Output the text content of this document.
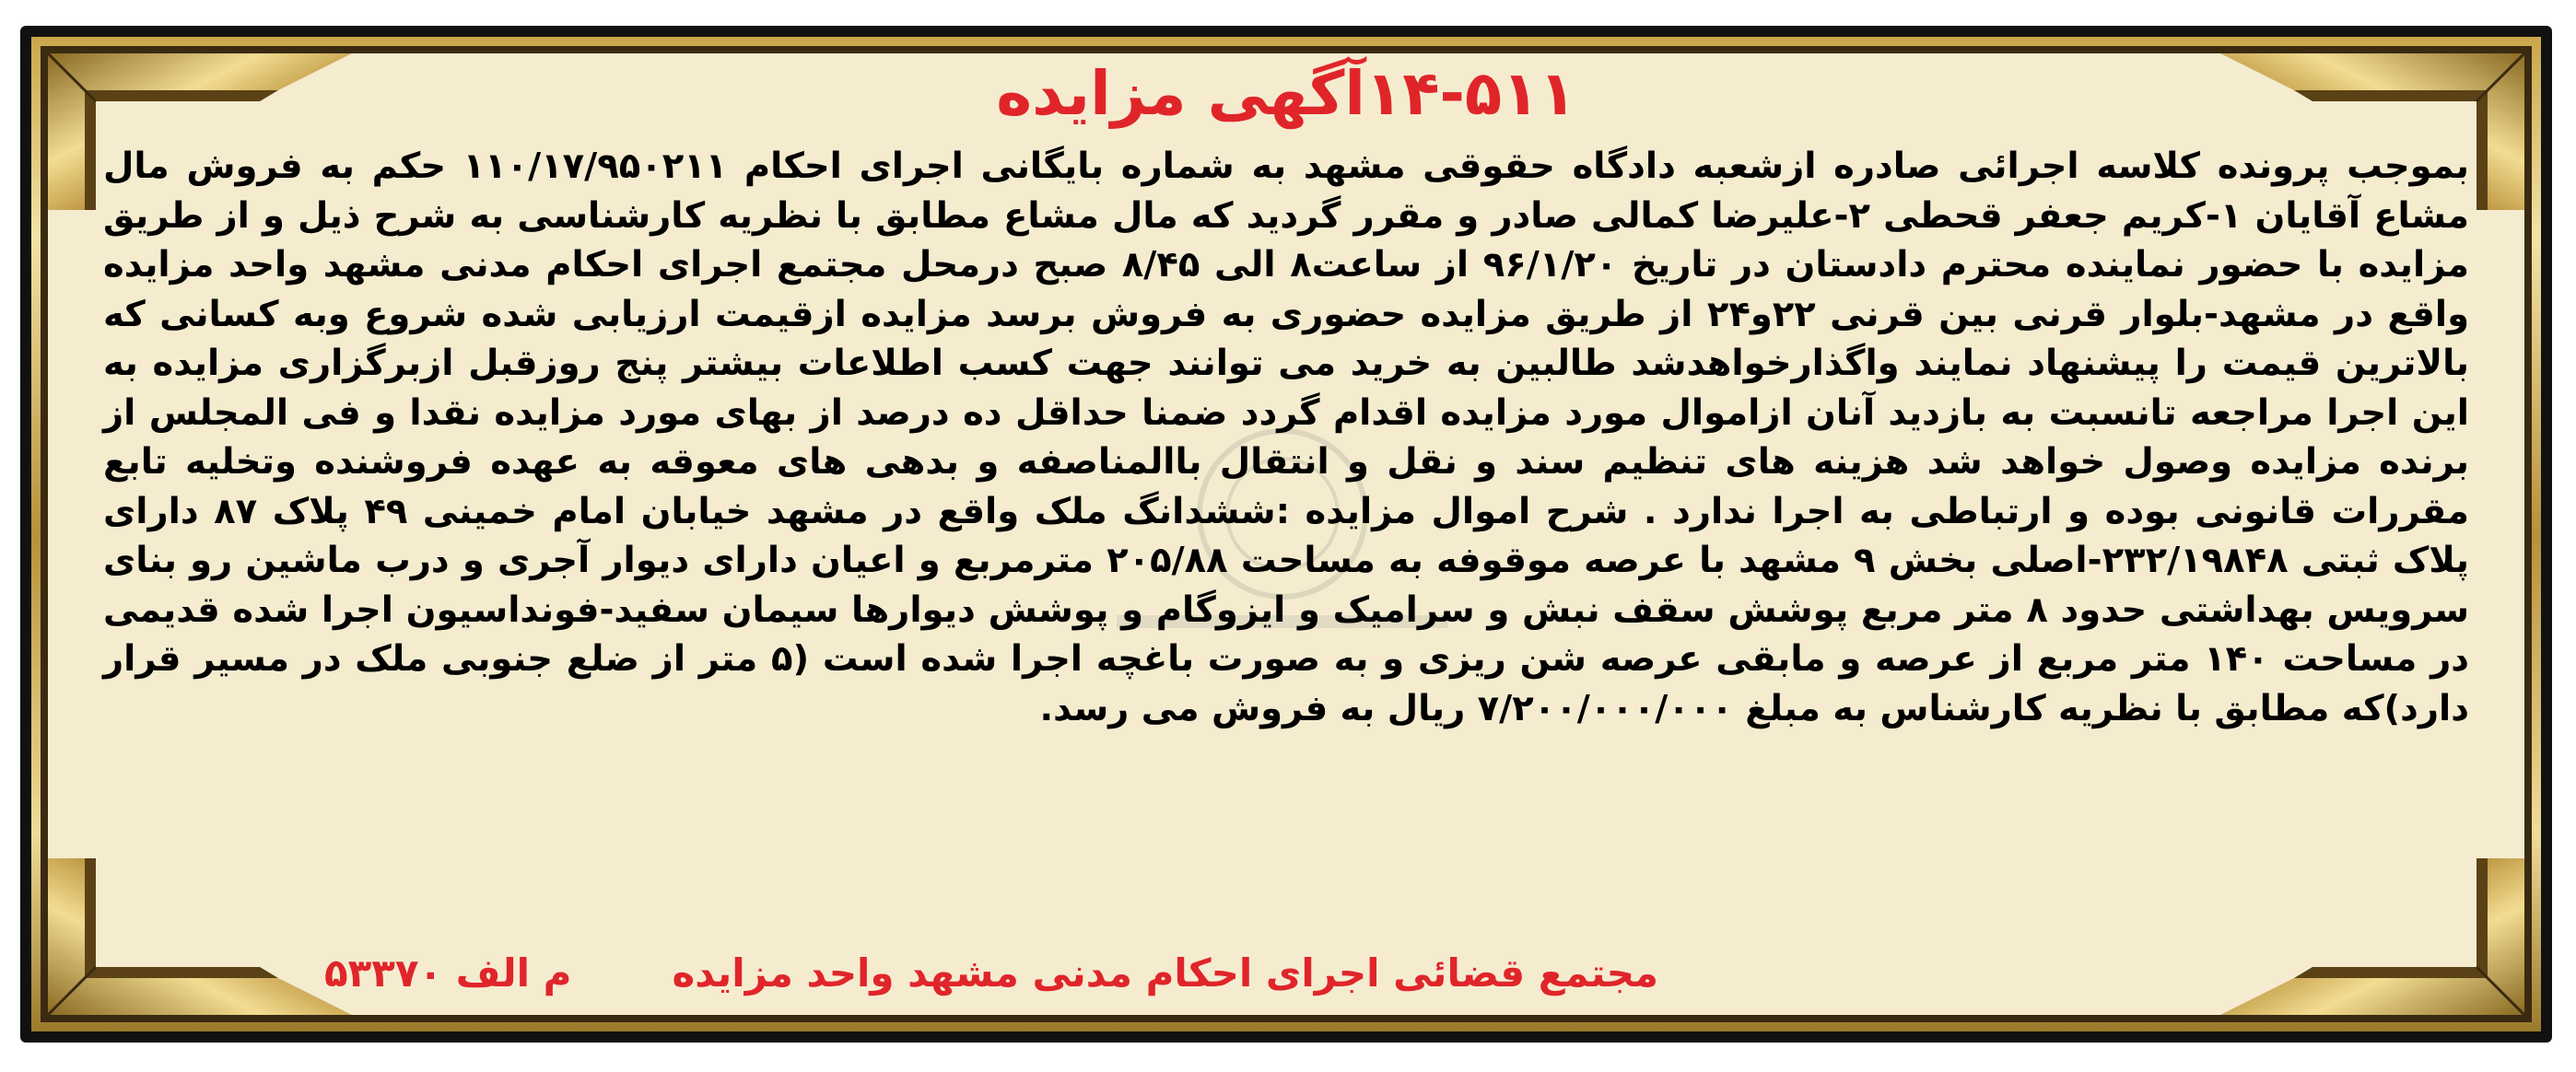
۱۴-۵۱۱آگهی مزایده
بموجب پرونده کلاسه اجرائی صادره ازشعبه دادگاه حقوقی مشهد به شماره بایگانی اجرای احکام ۱۱۰/۱۷/۹۵۰۲۱۱ حکم به فروش مال مشاع آقایان ۱-کریم جعفر قحطی ۲-علیرضا کمالی صادر و مقرر گردید که مال مشاع مطابق با نظریه کارشناسی به شرح ذیل و از طریق مزایده با حضور نماینده محترم دادستان در تاریخ ۹۶/۱/۲۰ از ساعت۸ الی ۸/۴۵ صبح درمحل مجتمع اجرای احکام مدنی مشهد واحد مزایده واقع در مشهد-بلوار قرنی بین قرنی ۲۲و۲۴ از طریق مزایده حضوری به فروش برسد مزایده ازقیمت ارزیابی شده شروع وبه کسانی که بالاترین قیمت را پیشنهاد نمایند واگذارخواهدشد طالبین به خرید می توانند جهت کسب اطلاعات بیشتر پنج روزقبل ازبرگزاری مزایده به این اجرا مراجعه تانسبت به بازدید آنان ازاموال مورد مزایده اقدام گردد ضمنا حداقل ده درصد از بهای مورد مزایده نقدا و فی المجلس از برنده مزایده وصول خواهد شد هزینه های تنظیم سند و نقل و انتقال باالمناصفه و بدهی های معوقه به عهده فروشنده وتخلیه تابع مقررات قانونی بوده و ارتباطی به اجرا ندارد . شرح اموال مزایده :ششدانگ ملک واقع در مشهد خیابان امام خمینی ۴۹ پلاک ۸۷ دارای پلاک ثبتی ۲۳۲/۱۹۸۴۸-اصلی بخش ۹ مشهد با عرصه موقوفه به مساحت ۲۰۵/۸۸ مترمربع و اعیان دارای دیوار آجری و درب ماشین رو بنای سرویس بهداشتی حدود ۸ متر مربع پوشش سقف نبش و سرامیک و ایزوگام و پوشش دیوارها سیمان سفید-فونداسیون اجرا شده قدیمی در مساحت ۱۴۰ متر مربع از عرصه و مابقی عرصه شن ریزی و به صورت باغچه اجرا شده است (۵ متر از ضلع جنوبی ملک در مسیر قرار دارد)که مطابق با نظریه کارشناس به مبلغ ۷/۲۰۰/۰۰۰/۰۰۰ ریال به فروش می رسد.
مجتمع قضائی اجرای احکام مدنی مشهد واحد مزایده
م الف ۵۳۳۷۰
